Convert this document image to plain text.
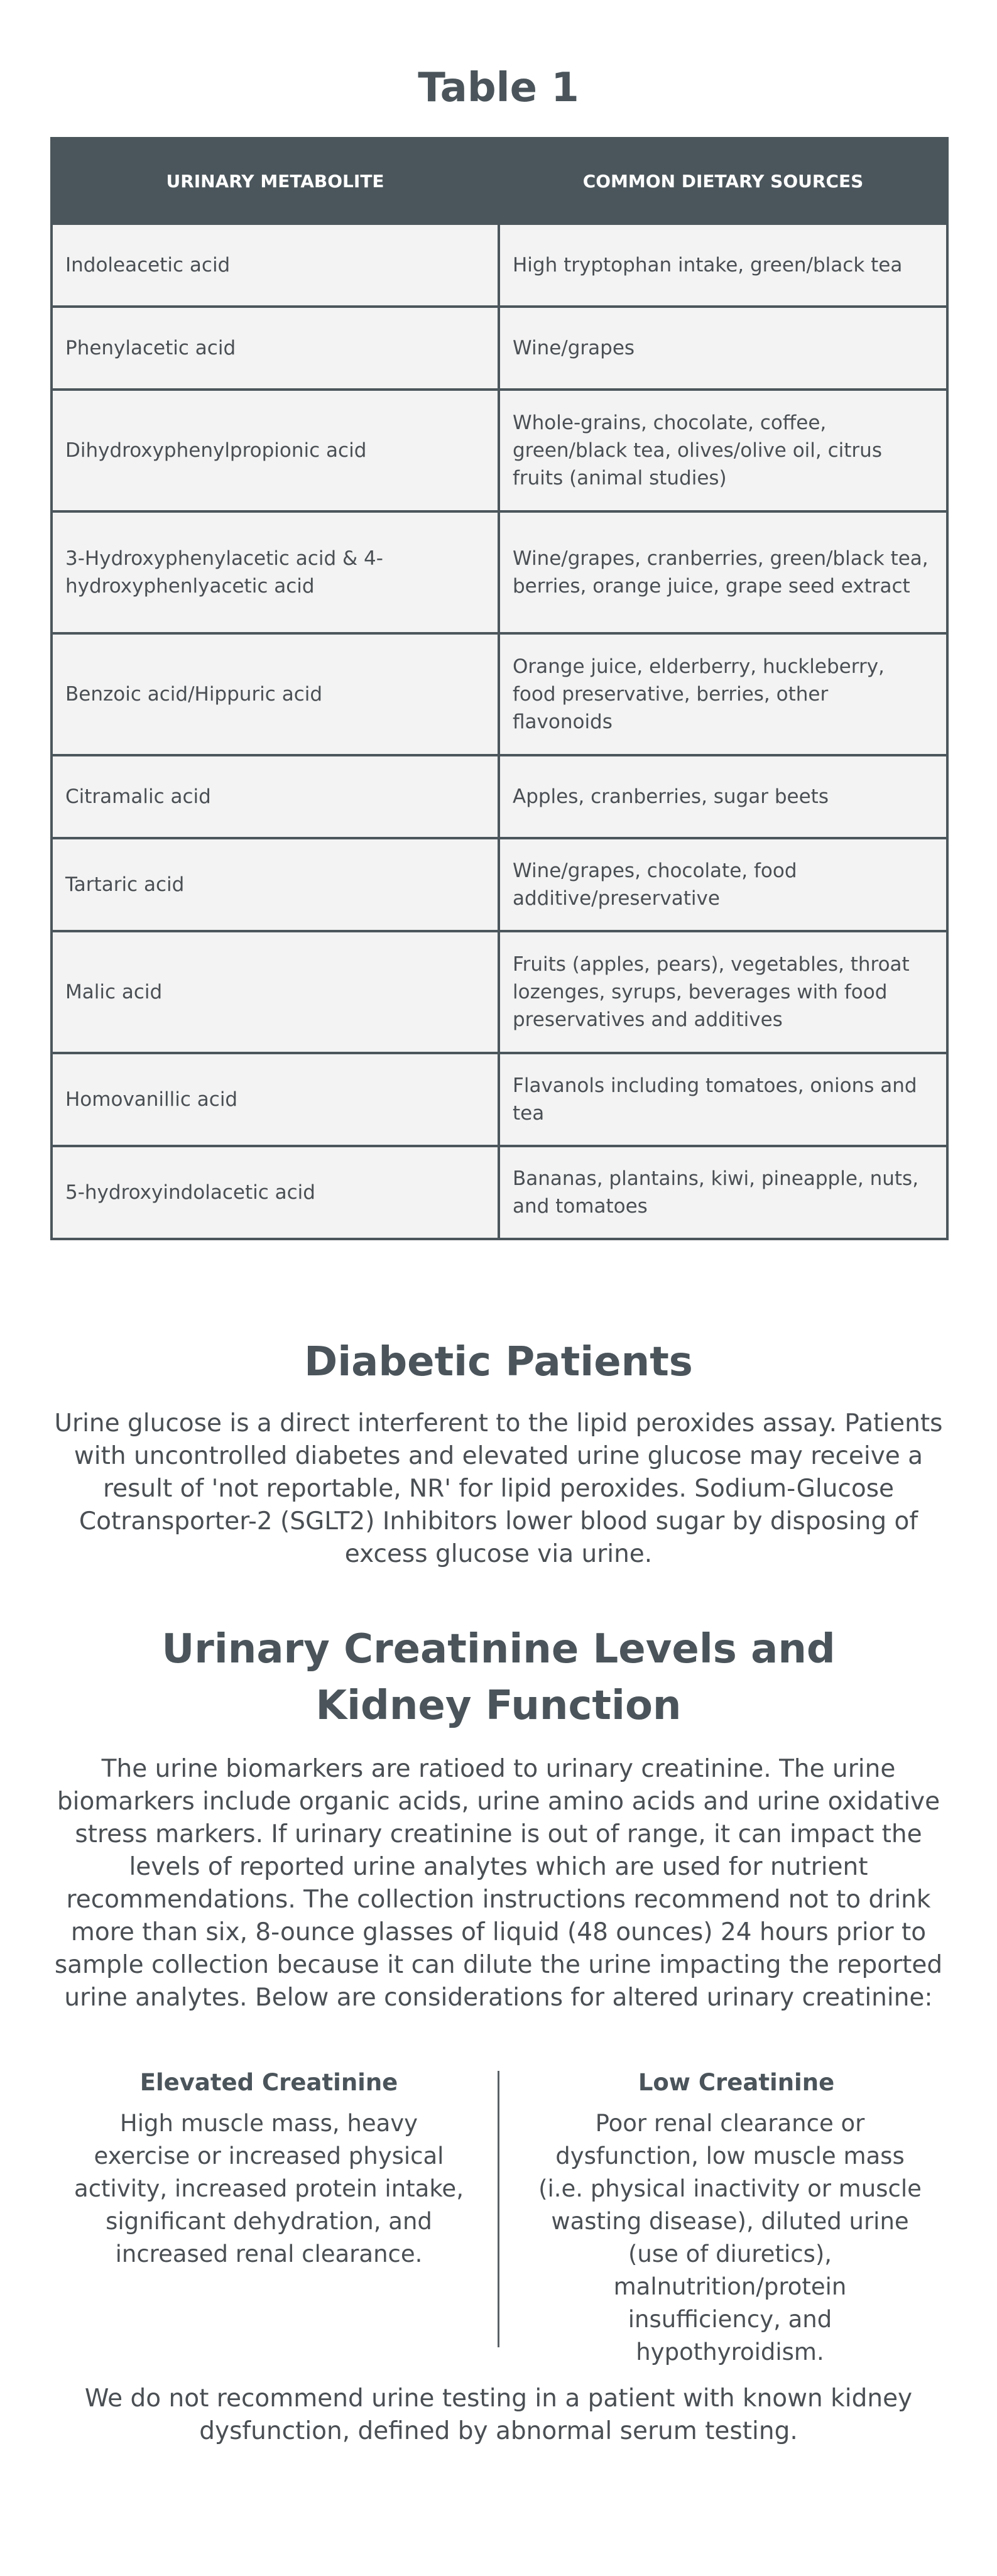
Table 1
URINARY METABOLITE	COMMON DIETARY SOURCES
Indoleacetic acid	High tryptophan intake, green/black tea
Phenylacetic acid	Wine/grapes
Dihydroxyphenylpropionic acid	Whole-grains, chocolate, coffee, green/black tea, olives/olive oil, citrus fruits (animal studies)
3-Hydroxyphenylacetic acid & 4-hydroxyphenlyacetic acid	Wine/grapes, cranberries, green/black tea, berries, orange juice, grape seed extract
Benzoic acid/Hippuric acid	Orange juice, elderberry, huckleberry, food preservative, berries, other flavonoids
Citramalic acid	Apples, cranberries, sugar beets
Tartaric acid	Wine/grapes, chocolate, food additive/preservative
Malic acid	Fruits (apples, pears), vegetables, throat lozenges, syrups, beverages with food preservatives and additives
Homovanillic acid	Flavanols including tomatoes, onions and tea
5-hydroxyindolacetic acid	Bananas, plantains, kiwi, pineapple, nuts, and tomatoes
Diabetic Patients

Urine glucose is a direct interferent to the lipid peroxides assay. Patients with uncontrolled diabetes and elevated urine glucose may receive a result of 'not reportable, NR' for lipid peroxides. Sodium-Glucose Cotransporter-2 (SGLT2) Inhibitors lower blood sugar by disposing of excess glucose via urine.

Urinary Creatinine Levels and Kidney Function

The urine biomarkers are ratioed to urinary creatinine. The urine biomarkers include organic acids, urine amino acids and urine oxidative stress markers. If urinary creatinine is out of range, it can impact the levels of reported urine analytes which are used for nutrient recommendations. The collection instructions recommend not to drink more than six, 8-ounce glasses of liquid (48 ounces) 24 hours prior to sample collection because it can dilute the urine impacting the reported urine analytes. Below are considerations for altered urinary creatinine:

Elevated Creatinine

High muscle mass, heavy exercise or increased physical activity, increased protein intake, significant dehydration, and increased renal clearance.

Low Creatinine

Poor renal clearance or dysfunction, low muscle mass (i.e. physical inactivity or muscle wasting disease), diluted urine (use of diuretics), malnutrition/protein insufficiency, and hypothyroidism.

We do not recommend urine testing in a patient with known kidney dysfunction, defined by abnormal serum testing.
